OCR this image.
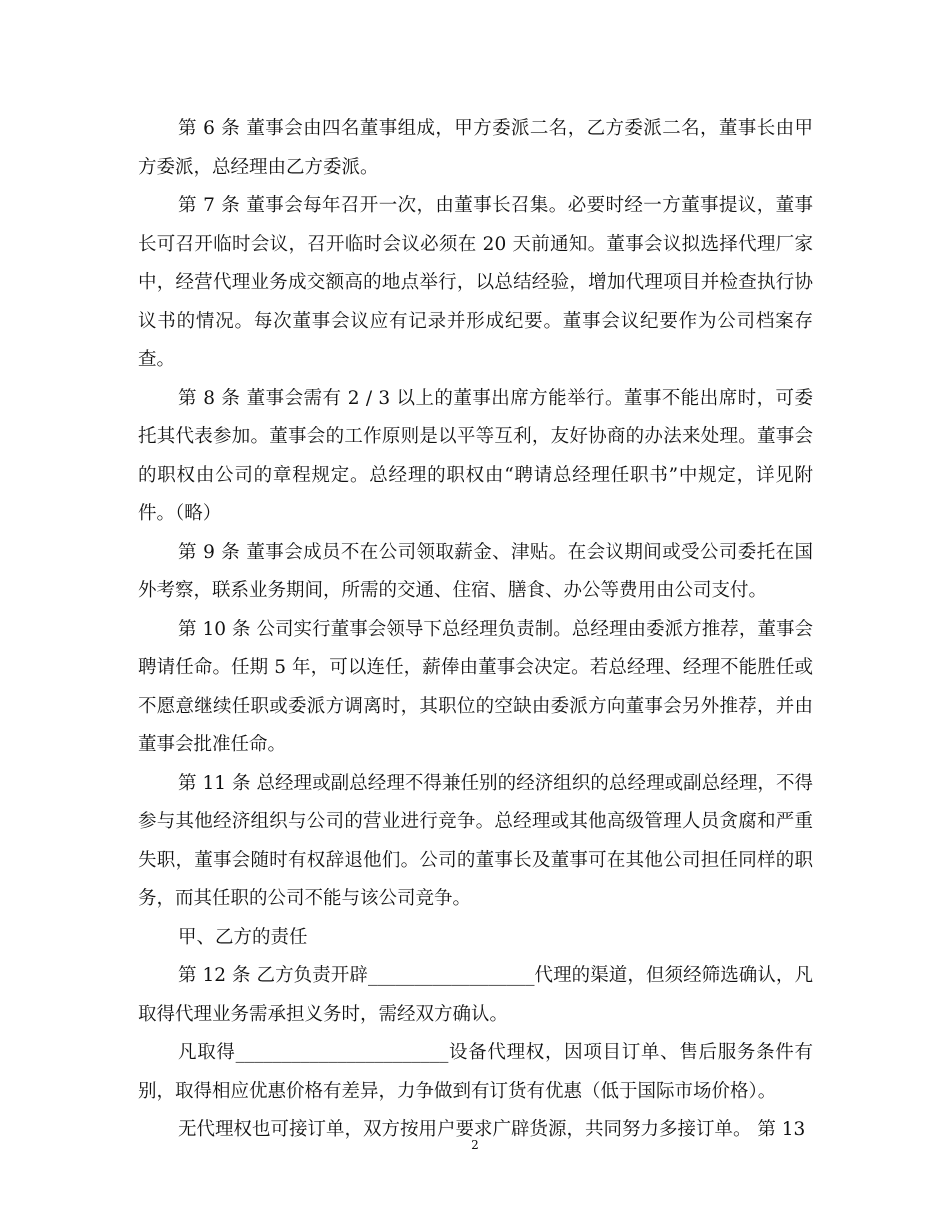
第 6 条 董事会由四名董事组成，甲方委派二名，乙方委派二名，董事长由甲方委派，总经理由乙方委派。

第 7 条 董事会每年召开一次，由董事长召集。必要时经一方董事提议，董事长可召开临时会议，召开临时会议必须在 20 天前通知。董事会议拟选择代理厂家中，经营代理业务成交额高的地点举行，以总结经验，增加代理项目并检查执行协议书的情况。每次董事会议应有记录并形成纪要。董事会议纪要作为公司档案存查。

第 8 条 董事会需有 2 / 3 以上的董事出席方能举行。董事不能出席时，可委托其代表参加。董事会的工作原则是以平等互利，友好协商的办法来处理。董事会的职权由公司的章程规定。总经理的职权由“聘请总经理任职书”中规定，详见附件。（略）

第 9 条 董事会成员不在公司领取薪金、津贴。在会议期间或受公司委托在国外考察，联系业务期间，所需的交通、住宿、膳食、办公等费用由公司支付。

第 10 条 公司实行董事会领导下总经理负责制。总经理由委派方推荐，董事会聘请任命。任期 5 年，可以连任，薪俸由董事会决定。若总经理、经理不能胜任或不愿意继续任职或委派方调离时，其职位的空缺由委派方向董事会另外推荐，并由董事会批准任命。

第 11 条 总经理或副总经理不得兼任别的经济组织的总经理或副总经理，不得参与其他经济组织与公司的营业进行竞争。总经理或其他高级管理人员贪腐和严重失职，董事会随时有权辞退他们。公司的董事长及董事可在其他公司担任同样的职务，而其任职的公司不能与该公司竞争。

甲、乙方的责任

第 12 条 乙方负责开辟__________________代理的渠道，但须经筛选确认，凡取得代理业务需承担义务时，需经双方确认。

凡取得_______________________设备代理权，因项目订单、售后服务条件有别，取得相应优惠价格有差异，力争做到有订货有优惠（低于国际市场价格）。

无代理权也可接订单，双方按用户要求广辟货源，共同努力多接订单。 第 13

2
